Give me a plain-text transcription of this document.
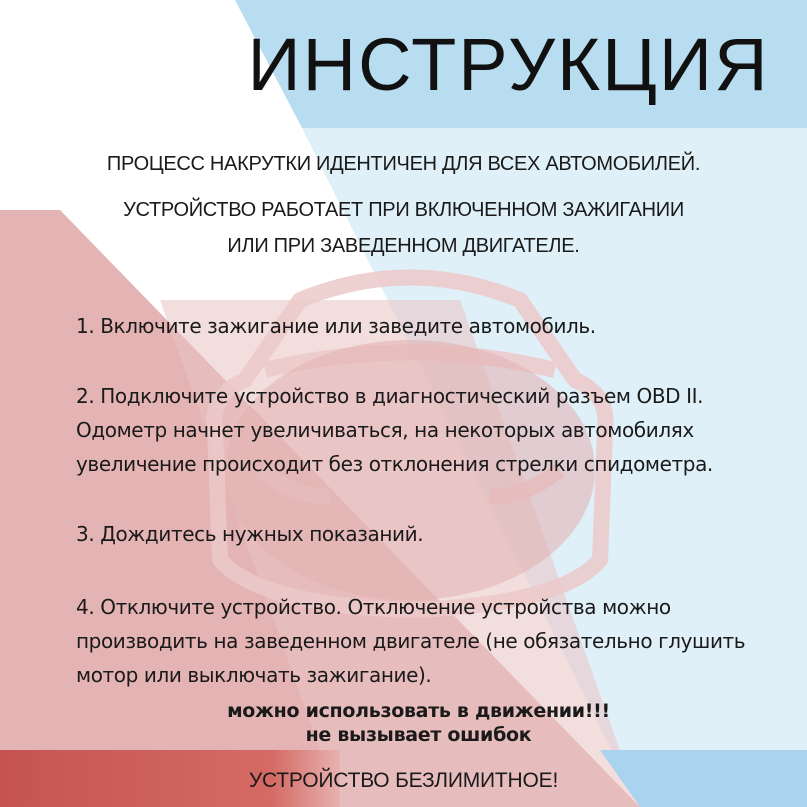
ИНСТРУКЦИЯ
ПРОЦЕСС НАКРУТКИ ИДЕНТИЧЕН ДЛЯ ВСЕХ АВТОМОБИЛЕЙ.
УСТРОЙСТВО РАБОТАЕТ ПРИ ВКЛЮЧЕННОМ ЗАЖИГАНИИ
ИЛИ ПРИ ЗАВЕДЕННОМ ДВИГАТЕЛЕ.
1. Включите зажигание или заведите автомобиль.
2. Подключите устройство в диагностический разъем OBD II. Одометр начнет увеличиваться, на некоторых автомобилях увеличение происходит без отклонения стрелки спидометра.
3. Дождитесь нужных показаний.
4. Отключите устройство. Отключение устройства можно производить на заведенном двигателе (не обязательно глушить мотор или выключать зажигание).
можно использовать в движении!!!
не вызывает ошибок
УСТРОЙСТВО БЕЗЛИМИТНОЕ!
